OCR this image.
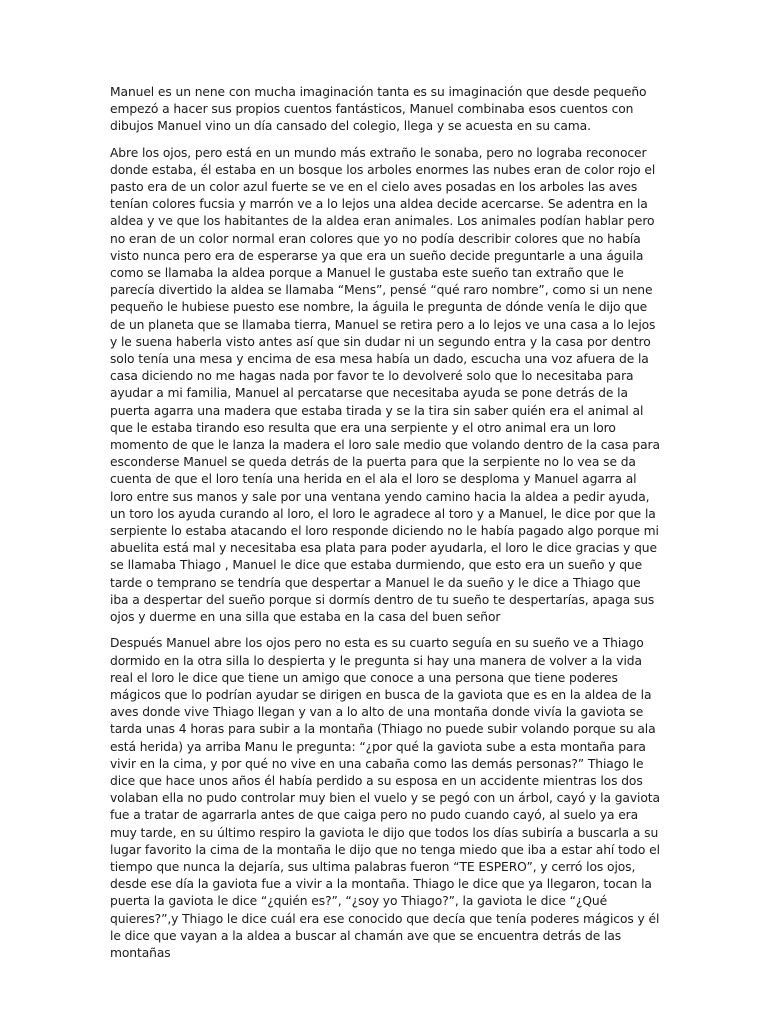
Manuel es un nene con mucha imaginación tanta es su imaginación que desde pequeño empezó a hacer sus propios cuentos fantásticos, Manuel combinaba esos cuentos con dibujos Manuel vino un día cansado del colegio, llega y se acuesta en su cama.

Abre los ojos, pero está en un mundo más extraño le sonaba, pero no lograba reconocer donde estaba, él estaba en un bosque los arboles enormes las nubes eran de color rojo el pasto era de un color azul fuerte se ve en el cielo aves posadas en los arboles las aves tenían colores fucsia y marrón ve a lo lejos una aldea decide acercarse. Se adentra en la aldea y ve que los habitantes de la aldea eran animales. Los animales podían hablar pero no eran de un color normal eran colores que yo no podía describir colores que no había visto nunca pero era de esperarse ya que era un sueño decide preguntarle a una águila como se llamaba la aldea porque a Manuel le gustaba este sueño tan extraño que le parecía divertido la aldea se llamaba “Mens”, pensé “qué raro nombre”, como si un nene pequeño le hubiese puesto ese nombre, la águila le pregunta de dónde venía le dijo que de un planeta que se llamaba tierra, Manuel se retira pero a lo lejos ve una casa a lo lejos y le suena haberla visto antes así que sin dudar ni un segundo entra y la casa por dentro solo tenía una mesa y encima de esa mesa había un dado, escucha una voz afuera de la casa diciendo no me hagas nada por favor te lo devolveré solo que lo necesitaba para ayudar a mi familia, Manuel al percatarse que necesitaba ayuda se pone detrás de la puerta agarra una madera que estaba tirada y se la tira sin saber quién era el animal al que le estaba tirando eso resulta que era una serpiente y el otro animal era un loro momento de que le lanza la madera el loro sale medio que volando dentro de la casa para esconderse Manuel se queda detrás de la puerta para que la serpiente no lo vea se da cuenta de que el loro tenía una herida en el ala el loro se desploma y Manuel agarra al loro entre sus manos y sale por una ventana yendo camino hacia la aldea a pedir ayuda, un toro los ayuda curando al loro, el loro le agradece al toro y a Manuel, le dice por que la serpiente lo estaba atacando el loro responde diciendo no le había pagado algo porque mi abuelita está mal y necesitaba esa plata para poder ayudarla, el loro le dice gracias y que se llamaba Thiago , Manuel le dice que estaba durmiendo, que esto era un sueño y que tarde o temprano se tendría que despertar a Manuel le da sueño y le dice a Thiago que iba a despertar del sueño porque si dormís dentro de tu sueño te despertarías, apaga sus ojos y duerme en una silla que estaba en la casa del buen señor

Después Manuel abre los ojos pero no esta es su cuarto seguía en su sueño ve a Thiago dormido en la otra silla lo despierta y le pregunta si hay una manera de volver a la vida real el loro le dice que tiene un amigo que conoce a una persona que tiene poderes mágicos que lo podrían ayudar se dirigen en busca de la gaviota que es en la aldea de la aves donde vive Thiago llegan y van a lo alto de una montaña donde vivía la gaviota se tarda unas 4 horas para subir a la montaña (Thiago no puede subir volando porque su ala está herida) ya arriba Manu le pregunta: “¿por qué la gaviota sube a esta montaña para vivir en la cima, y por qué no vive en una cabaña como las demás personas?” Thiago le dice que hace unos años él había perdido a su esposa en un accidente mientras los dos volaban ella no pudo controlar muy bien el vuelo y se pegó con un árbol, cayó y la gaviota fue a tratar de agarrarla antes de que caiga pero no pudo cuando cayó, al suelo ya era muy tarde, en su último respiro la gaviota le dijo que todos los días subiría a buscarla a su lugar favorito la cima de la montaña le dijo que no tenga miedo que iba a estar ahí todo el tiempo que nunca la dejaría, sus ultima palabras fueron “TE ESPERO”, y cerró los ojos, desde ese día la gaviota fue a vivir a la montaña. Thiago le dice que ya llegaron, tocan la puerta la gaviota le dice “¿quién es?”, “¿soy yo Thiago?”, la gaviota le dice “¿Qué quieres?”,y Thiago le dice cuál era ese conocido que decía que tenía poderes mágicos y él le dice que vayan a la aldea a buscar al chamán ave que se encuentra detrás de las montañas
